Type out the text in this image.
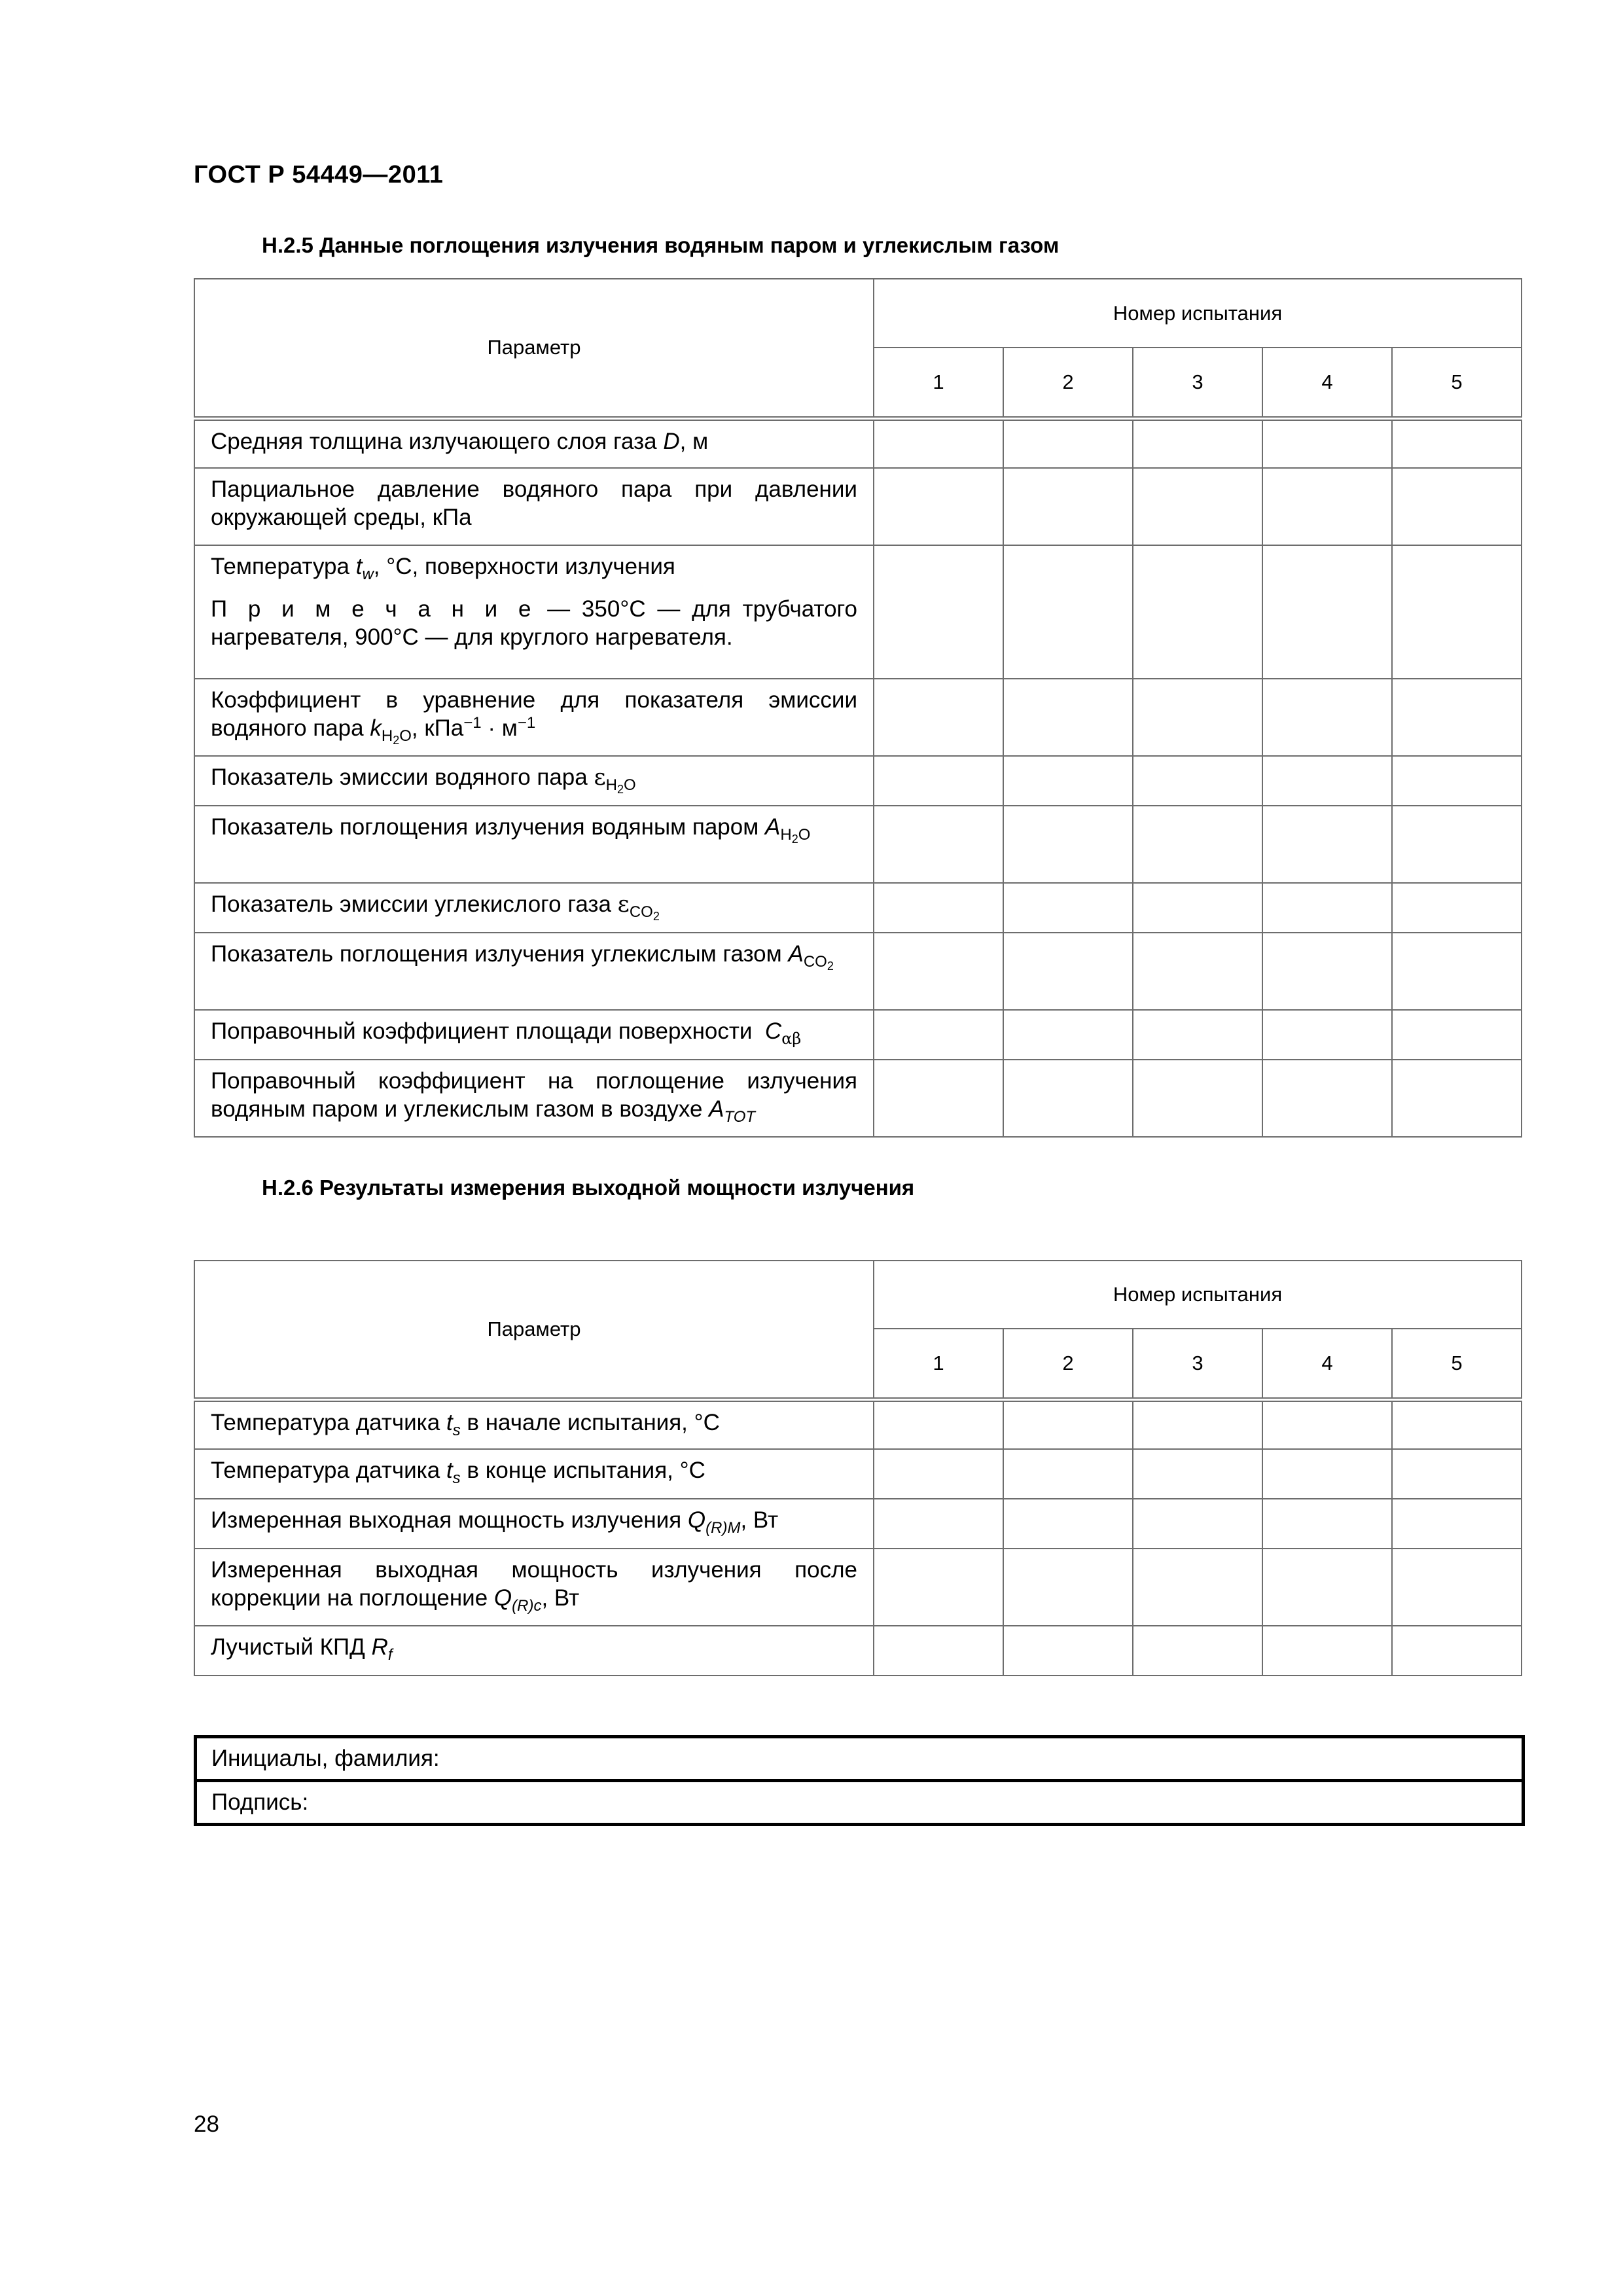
ГОСТ Р 54449—2011
Н.2.5 Данные поглощения излучения водяным паром и углекислым газом
Параметр	Номер испытания				
	1	2	3	4	5
Средняя толщина излучающего слоя газа D, м					
Парциальное давление водяного пара при давлении окружающей среды, кПа					

Температура $t_w$, °С, поверхности излучения
П р и м е ч а н и е — 350°С — для трубчатого нагревателя, 900°С — для круглого нагревателя.					

Коэффициент в уравнение для показателя эмиссии водяного пара $k_{H_2O}$, $кПа^{-1} \cdot м^{-1}$					
Показатель эмиссии водяного пара $\varepsilon_{H_2O}$					
Показатель поглощения излучения водяным паром $A_{H_2O}$					
Показатель эмиссии углекислого газа $\varepsilon_{CO_2}$					
Показатель поглощения излучения углекислым газом $A_{CO_2}$					
Поправочный коэффициент площади поверхности $C_{\alpha\beta}$					
Поправочный коэффициент на поглощение излучения водяным паром и углекислым газом в воздухе $A_{TOT}$					
Н.2.6 Результаты измерения выходной мощности излучения
Параметр	Номер испытания				
	1	2	3	4	5
Температура датчика $t_s$ в начале испытания, °С					
Температура датчика $t_s$ в конце испытания, °С					
Измеренная выходная мощность излучения $Q_{(R)M}$, Вт					
Измеренная выходная мощность излучения после коррекции на поглощение $Q_{(R)c}$, Вт					
Лучистый КПД $R_f$					
Инициалы, фамилия:
Подпись:
28
